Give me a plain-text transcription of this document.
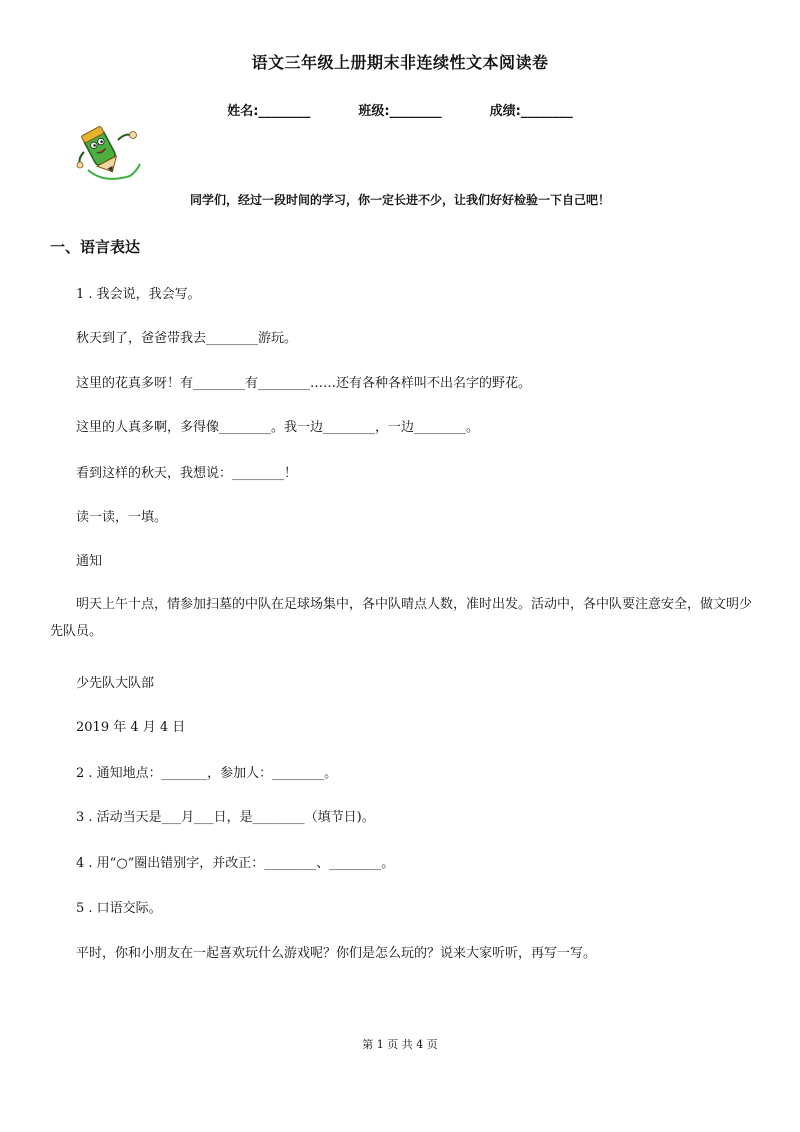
语文三年级上册期末非连续性文本阅读卷
姓名:________	班级:________	成绩:________
同学们，经过一段时间的学习，你一定长进不少，让我们好好检验一下自己吧！
一、语言表达
1 . 我会说，我会写。
秋天到了，爸爸带我去________游玩。
这里的花真多呀！有________有________……还有各种各样叫不出名字的野花。
这里的人真多啊，多得像________。我一边________，一边________。
看到这样的秋天，我想说：________！
读一读，一填。
通知

明天上午十点，情参加扫墓的中队在足球场集中，各中队晴点人数，准时出发。活动中，各中队要注意安全，做文明少先队员。

少先队大队部
2019 年 4 月 4 日
2 . 通知地点：_______，参加人：________。
3 . 活动当天是___月___日，是________（填节日)。
4 . 用“○”圈出错别字，并改正：________、________。
5 . 口语交际。
平时，你和小朋友在一起喜欢玩什么游戏呢？你们是怎么玩的？说来大家听听，再写一写。
第 1 页 共 4 页
